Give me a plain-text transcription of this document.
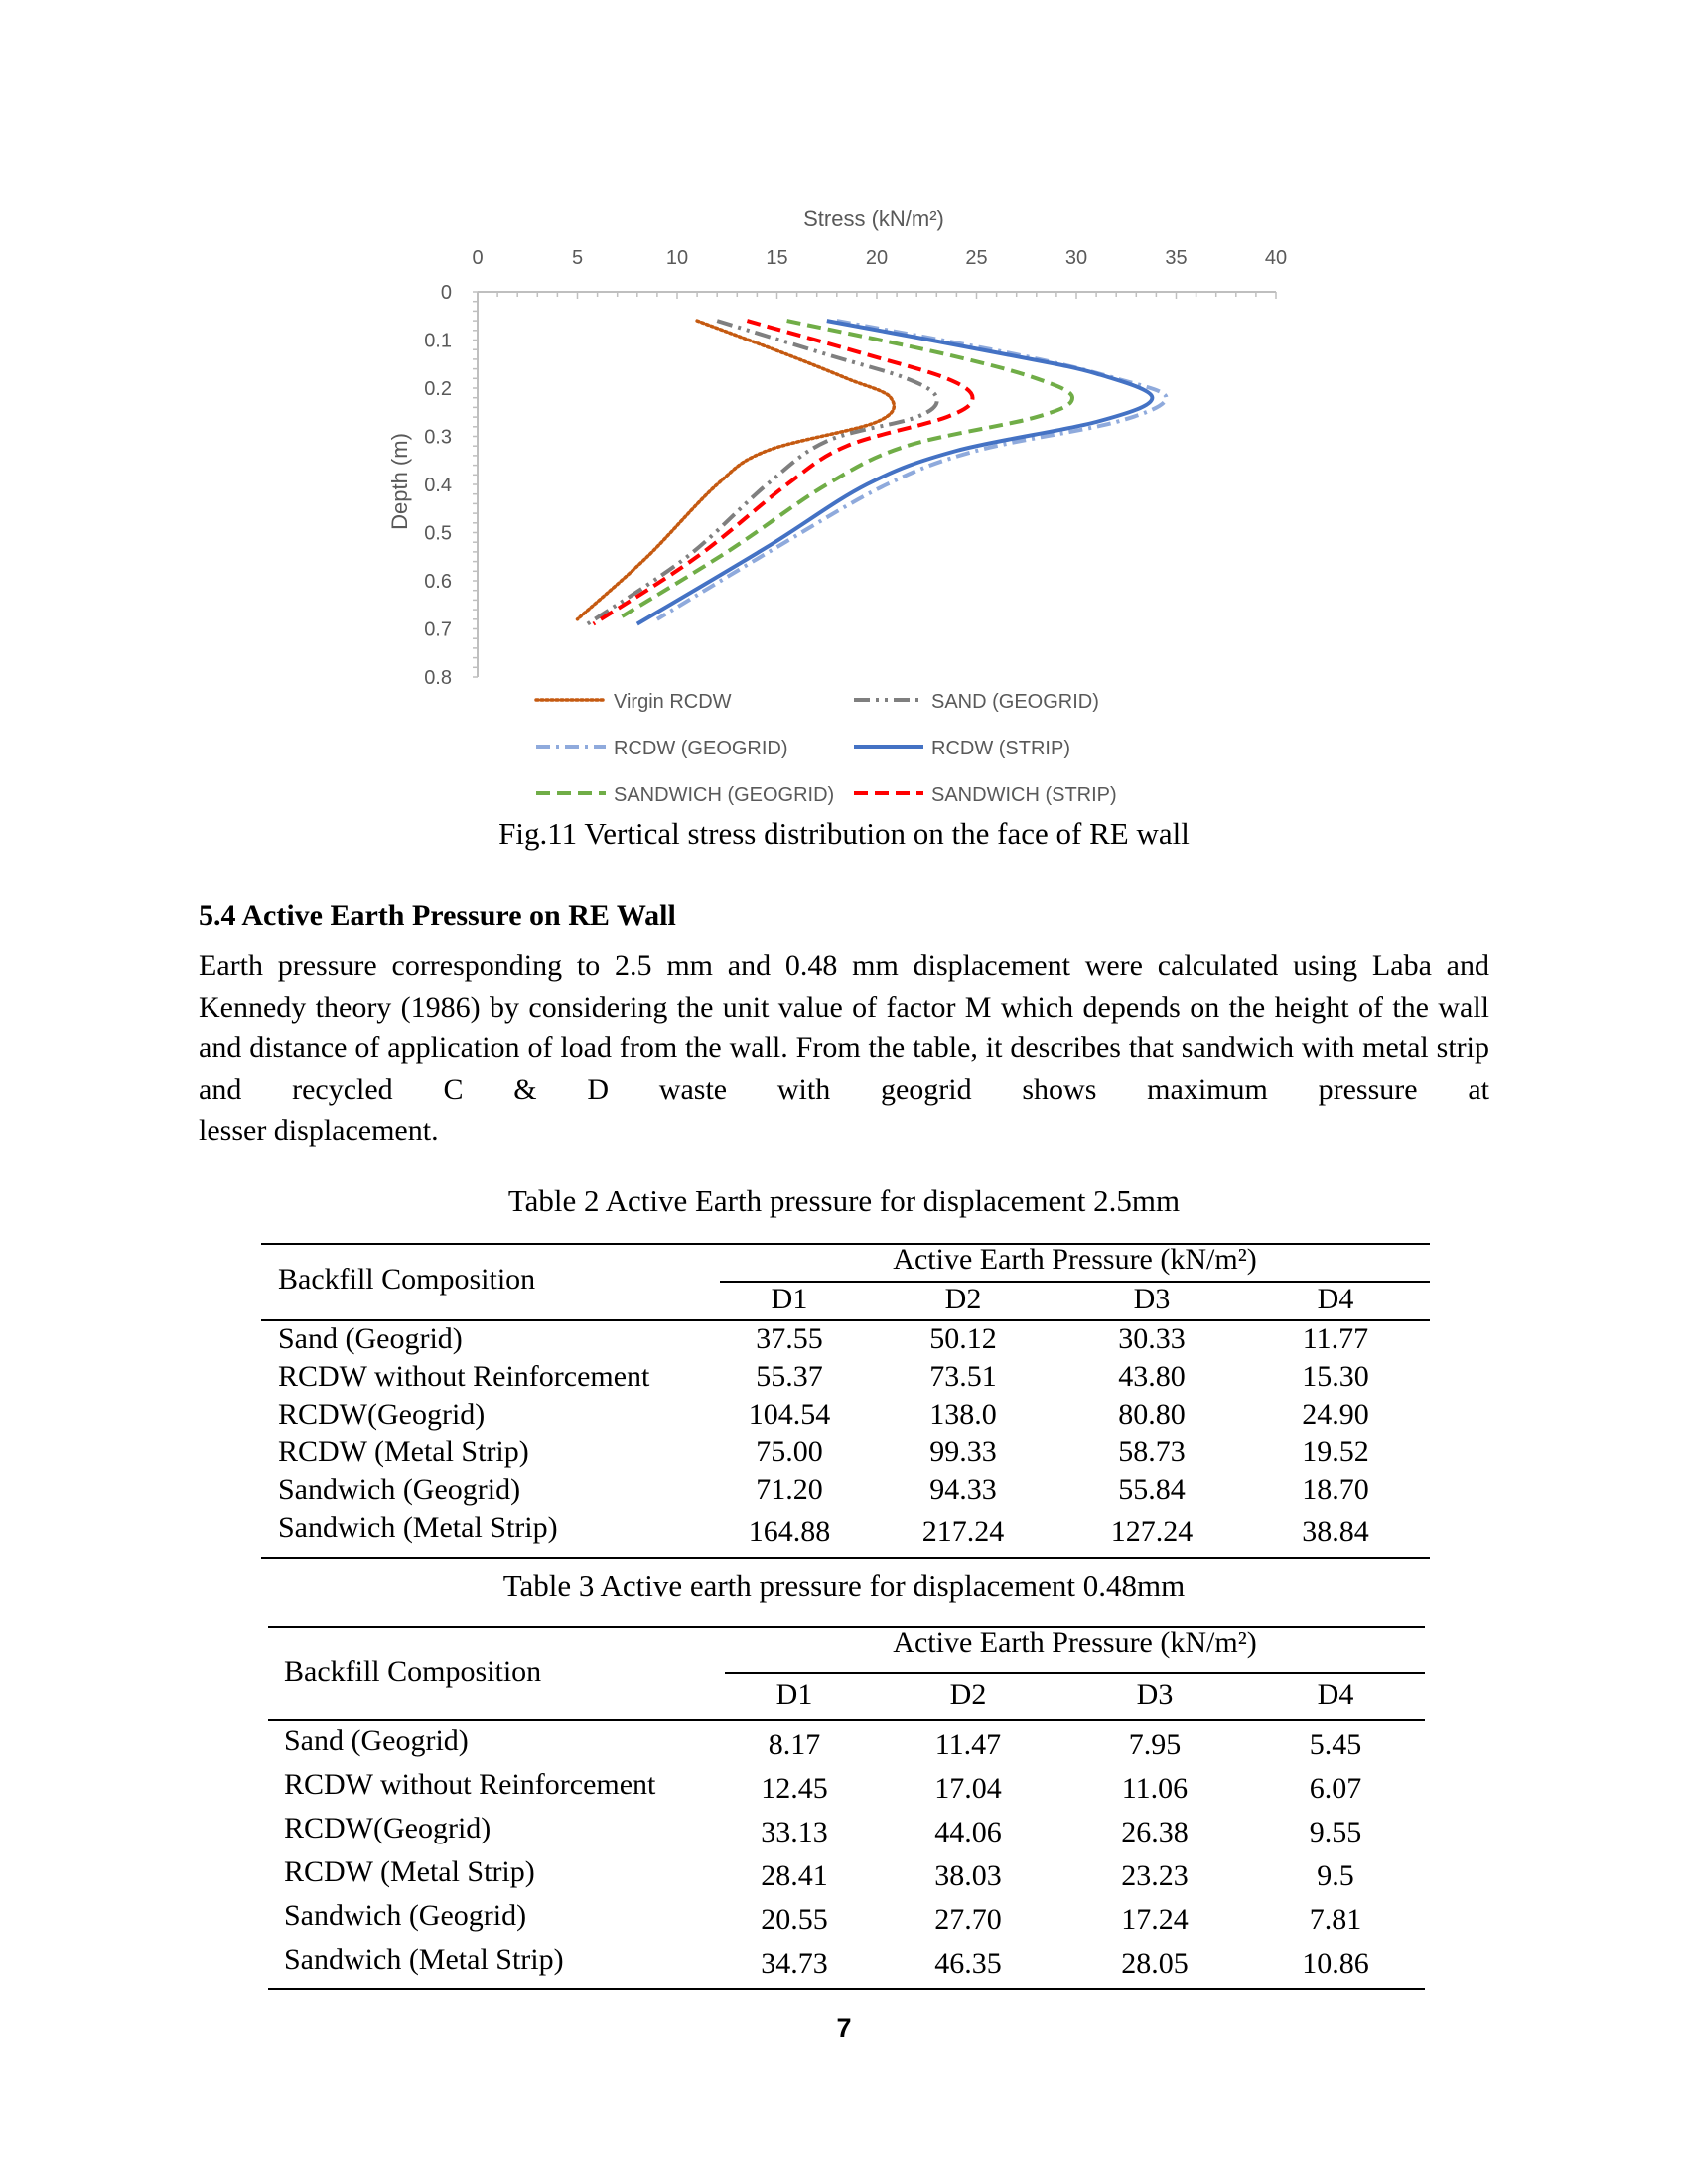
Stress (kN/m²)
Depth (m)
0	5	10	15	20	25	30	35	40
0
0.1
0.2
0.3
0.4
0.5
0.6
0.7
0.8
Virgin RCDW	SAND (GEOGRID)
RCDW (GEOGRID)	RCDW (STRIP)
SANDWICH (GEOGRID)	SANDWICH (STRIP)
Fig.11 Vertical stress distribution on the face of RE wall
5.4 Active Earth Pressure on RE Wall
Earth pressure corresponding to 2.5 mm and 0.48 mm displacement were calculated using Laba and Kennedy theory (1986) by considering the unit value of factor M which depends on the height of the wall and distance of application of load from the wall. From the table, it describes that sandwich with metal strip and recycled C & D waste with geogrid shows maximum pressure at
lesser displacement.
Table 2 Active Earth pressure for displacement 2.5mm
Backfill Composition
Active Earth Pressure (kN/m²)
D1	D2	D3	D4
Sand (Geogrid)	37.55	50.12	30.33	11.77
RCDW without Reinforcement	55.37	73.51	43.80	15.30
RCDW(Geogrid)	104.54	138.0	80.80	24.90
RCDW (Metal Strip)	75.00	99.33	58.73	19.52
Sandwich (Geogrid)	71.20	94.33	55.84	18.70
Sandwich (Metal Strip)	164.88	217.24	127.24	38.84
Table 3 Active earth pressure for displacement 0.48mm
Backfill Composition
Active Earth Pressure (kN/m²)
D1	D2	D3	D4
Sand (Geogrid)	8.17	11.47	7.95	5.45
RCDW without Reinforcement	12.45	17.04	11.06	6.07
RCDW(Geogrid)	33.13	44.06	26.38	9.55
RCDW (Metal Strip)	28.41	38.03	23.23	9.5
Sandwich (Geogrid)	20.55	27.70	17.24	7.81
Sandwich (Metal Strip)	34.73	46.35	28.05	10.86
7
